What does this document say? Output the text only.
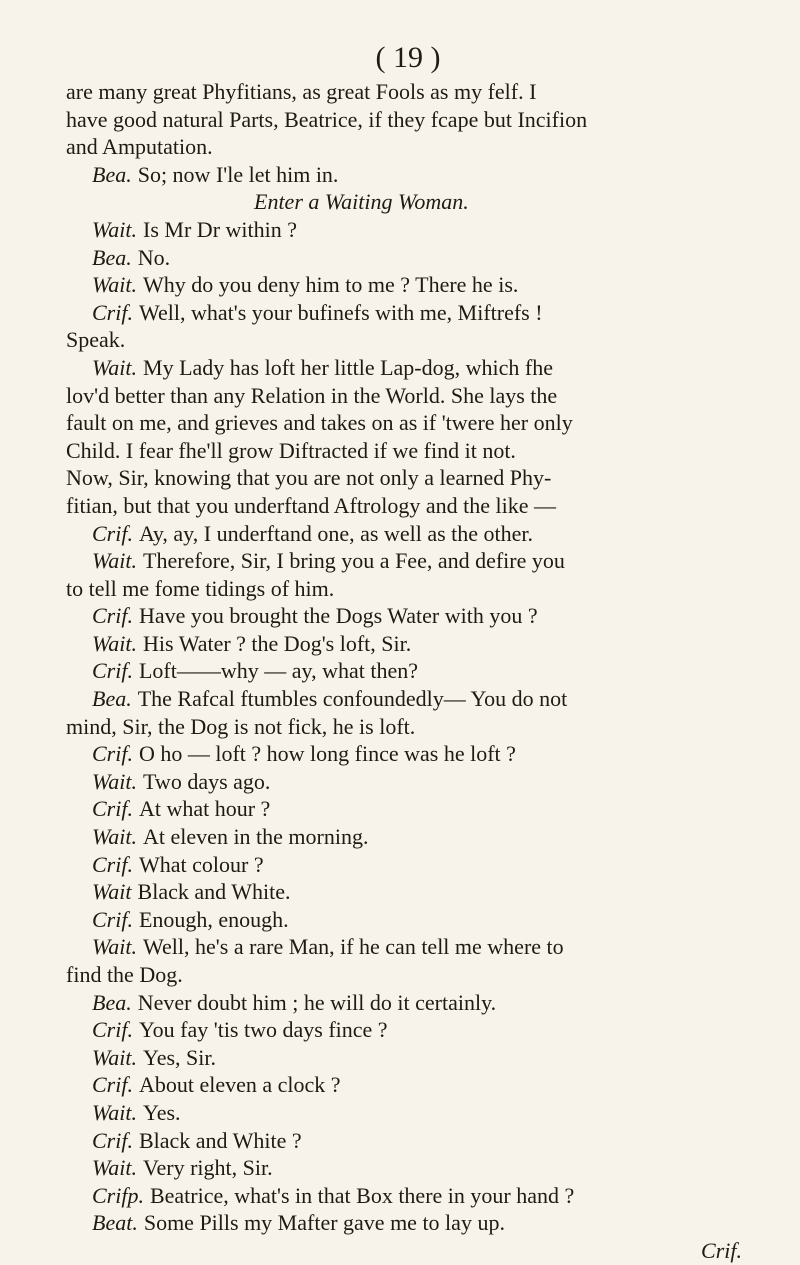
( 19 )
are many great Phyfitians, as great Fools as my felf. I
have good natural Parts, Beatrice, if they fcape but Incifion
and Amputation.
Bea. So; now I'le let him in.
Enter a Waiting Woman.
Wait. Is Mr Dr within ?
Bea. No.
Wait. Why do you deny him to me ? There he is.
Crif. Well, what's your bufinefs with me, Miftrefs !
Speak.
Wait. My Lady has loft her little Lap-dog, which fhe
lov'd better than any Relation in the World. She lays the
fault on me, and grieves and takes on as if 'twere her only
Child. I fear fhe'll grow Diftracted if we find it not.
Now, Sir, knowing that you are not only a learned Phy-
fitian, but that you underftand Aftrology and the like —
Crif. Ay, ay, I underftand one, as well as the other.
Wait. Therefore, Sir, I bring you a Fee, and defire you
to tell me fome tidings of him.
Crif. Have you brought the Dogs Water with you ?
Wait. His Water ? the Dog's loft, Sir.
Crif. Loft——why — ay, what then?
Bea. The Rafcal ftumbles confoundedly— You do not
mind, Sir, the Dog is not fick, he is loft.
Crif. O ho — loft ? how long fince was he loft ?
Wait. Two days ago.
Crif. At what hour ?
Wait. At eleven in the morning.
Crif. What colour ?
Wait Black and White.
Crif. Enough, enough.
Wait. Well, he's a rare Man, if he can tell me where to
find the Dog.
Bea. Never doubt him ; he will do it certainly.
Crif. You fay 'tis two days fince ?
Wait. Yes, Sir.
Crif. About eleven a clock ?
Wait. Yes.
Crif. Black and White ?
Wait. Very right, Sir.
Crifp. Beatrice, what's in that Box there in your hand ?
Beat. Some Pills my Mafter gave me to lay up.
Crif.
